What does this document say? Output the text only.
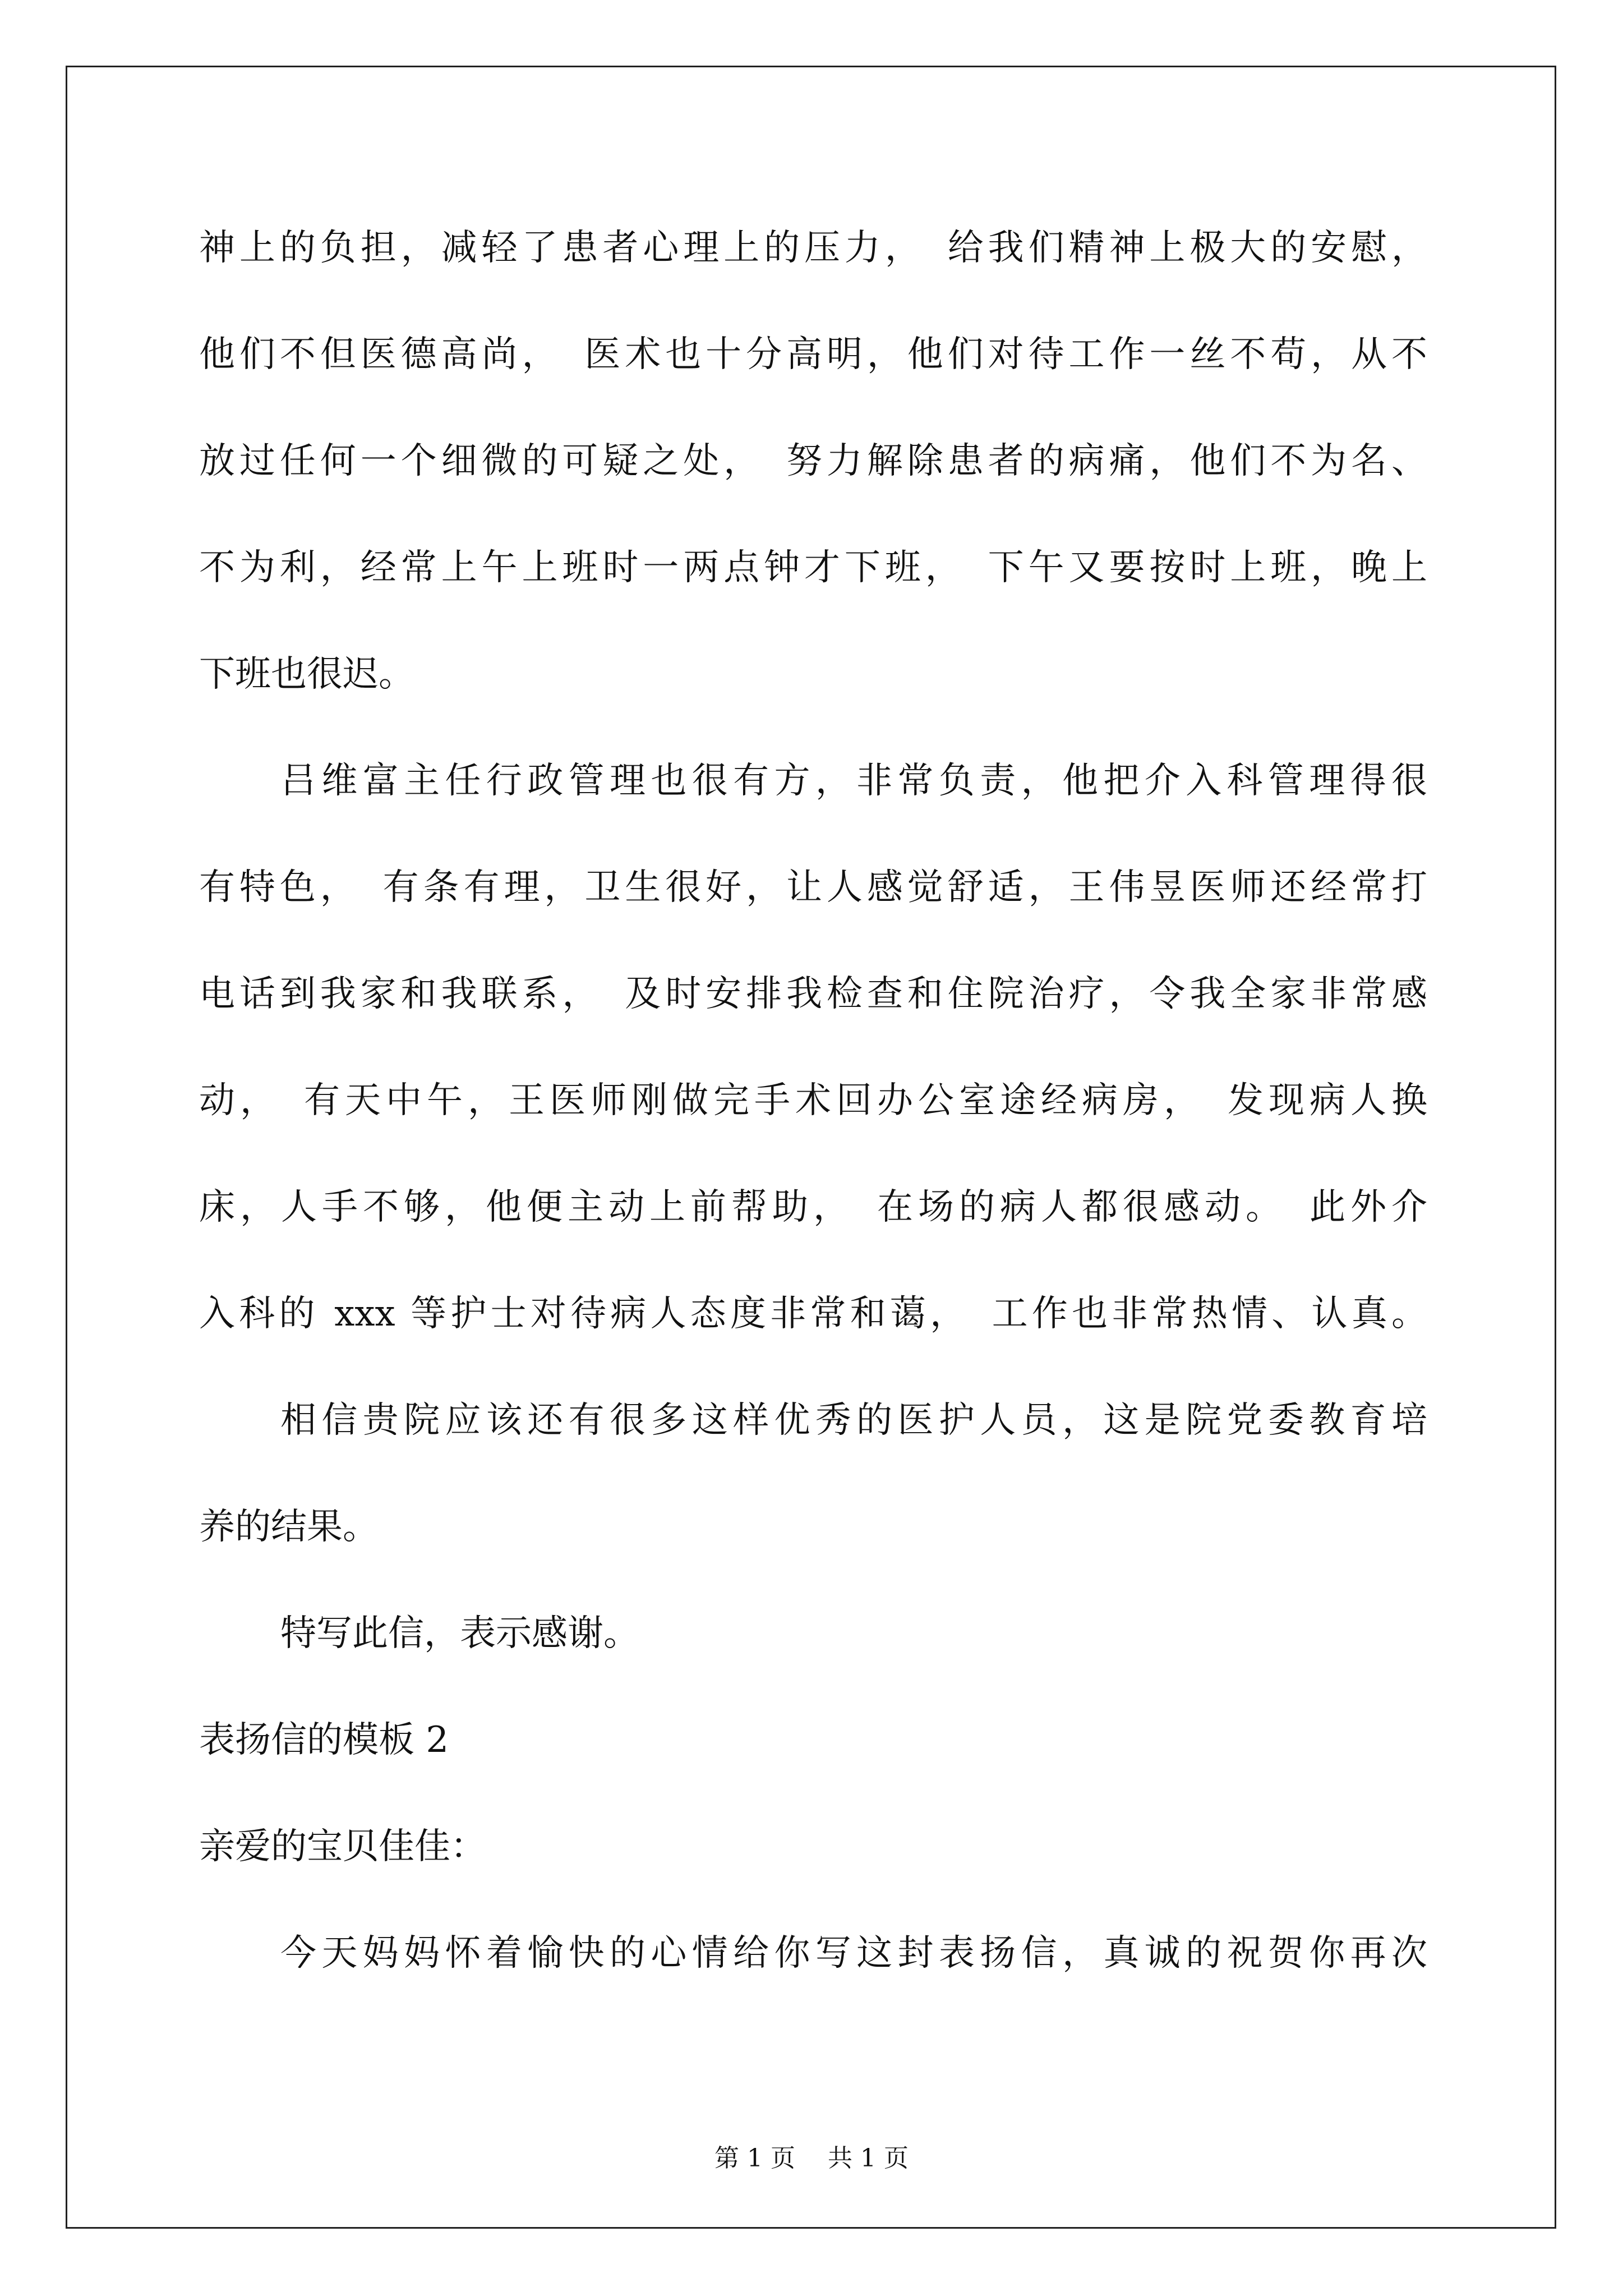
神上的负担，减轻了患者心理上的压力，　给我们精神上极大的安慰，
他们不但医德高尚，　医术也十分高明，他们对待工作一丝不苟，从不
放过任何一个细微的可疑之处，　努力解除患者的病痛，他们不为名、
不为利，经常上午上班时一两点钟才下班，　下午又要按时上班，晚上
下班也很迟。
吕维富主任行政管理也很有方，非常负责，他把介入科管理得很
有特色，　有条有理，卫生很好，让人感觉舒适，王伟昱医师还经常打
电话到我家和我联系，　及时安排我检查和住院治疗，令我全家非常感
动，　有天中午，王医师刚做完手术回办公室途经病房，　发现病人换
床，人手不够，他便主动上前帮助，　在场的病人都很感动。　此外介
入科的 xxx 等护士对待病人态度非常和蔼，　工作也非常热情、认真。
相信贵院应该还有很多这样优秀的医护人员，这是院党委教育培
养的结果。
特写此信，表示感谢。
表扬信的模板 2
亲爱的宝贝佳佳：
今天妈妈怀着愉快的心情给你写这封表扬信，真诚的祝贺你再次
第 1 页　 共 1 页
